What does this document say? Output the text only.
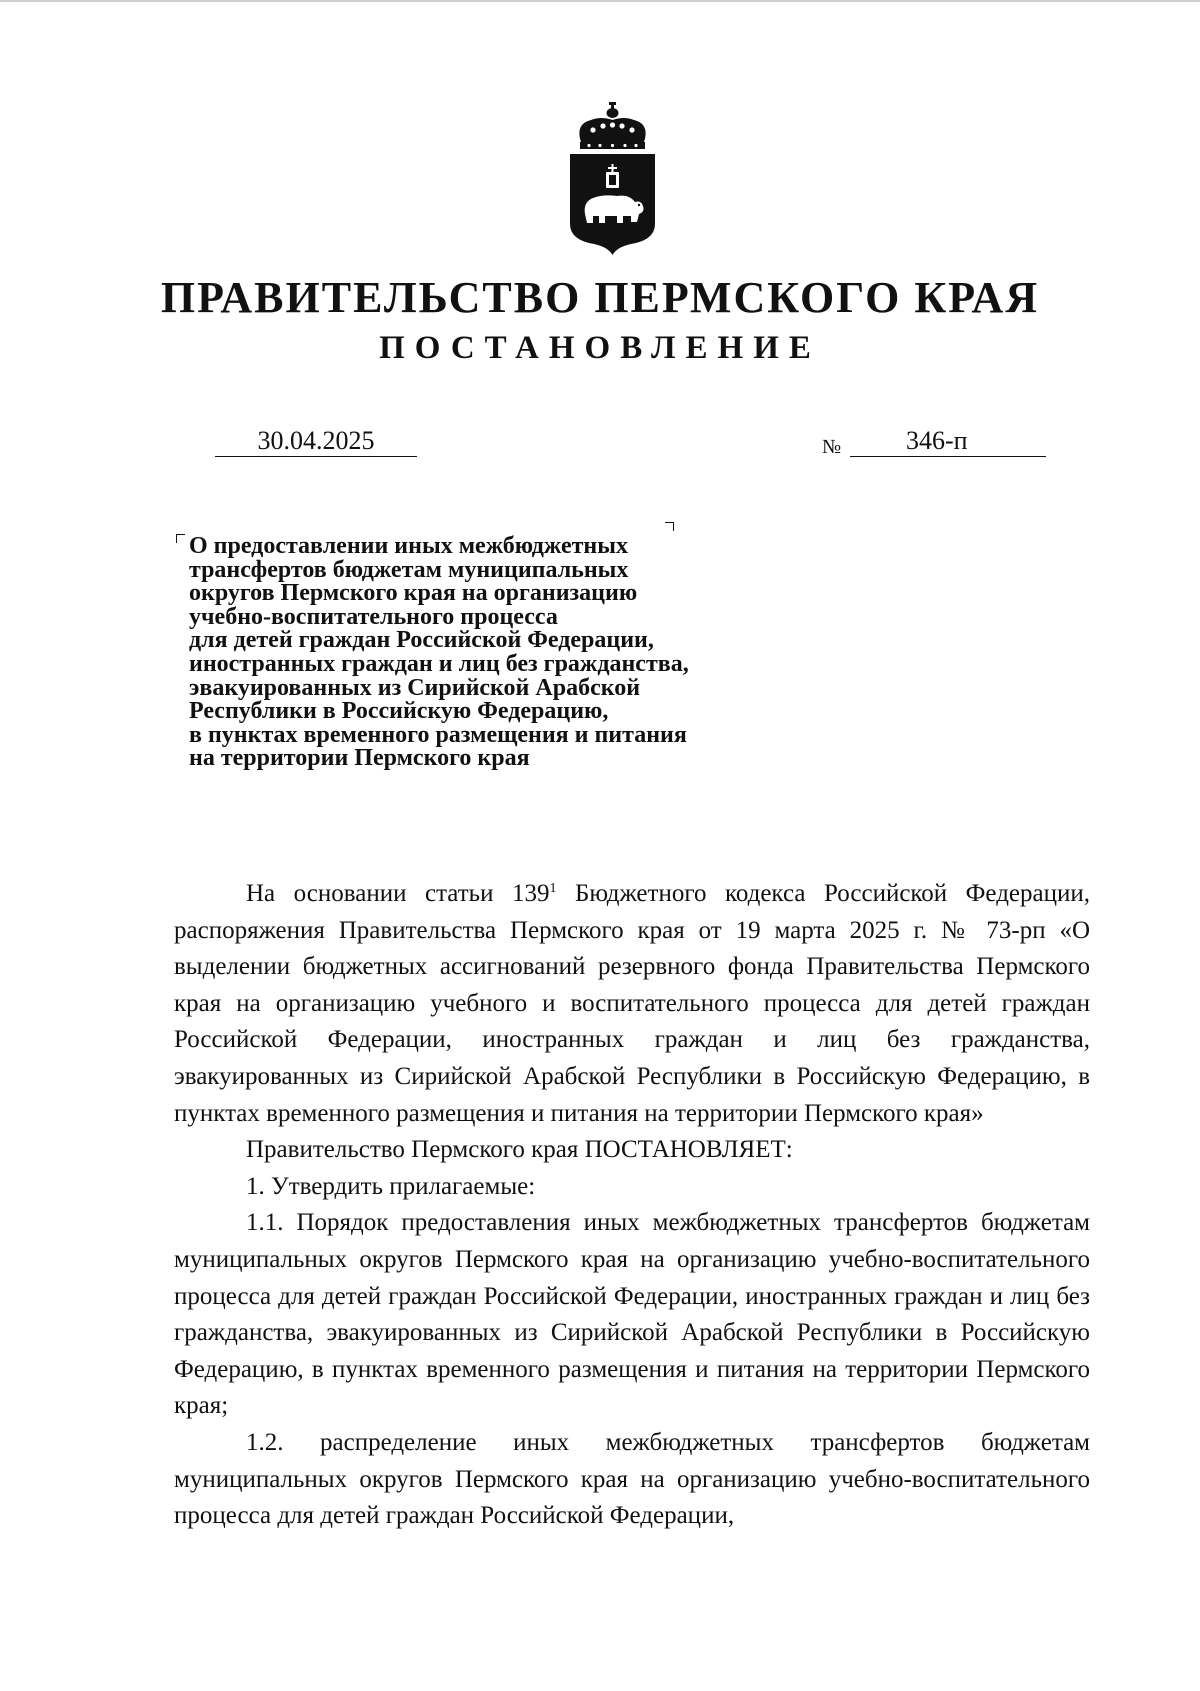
ПРАВИТЕЛЬСТВО ПЕРМСКОГО КРАЯ
ПОСТАНОВЛЕНИЕ
30.04.2025	№	346-п
О предоставлении иных межбюджетных
трансфертов бюджетам муниципальных
округов Пермского края на организацию
учебно-воспитательного процесса
для детей граждан Российской Федерации,
иностранных граждан и лиц без гражданства,
эвакуированных из Сирийской Арабской
Республики в Российскую Федерацию,
в пунктах временного размещения и питания
на территории Пермского края

На основании статьи $139^1$ Бюджетного кодекса Российской Федерации, распоряжения Правительства Пермского края от 19 марта 2025 г. № 73-рп «О выделении бюджетных ассигнований резервного фонда Правительства Пермского края на организацию учебного и воспитательного процесса для детей граждан Российской Федерации, иностранных граждан и лиц без гражданства, эвакуированных из Сирийской Арабской Республики в Российскую Федерацию, в пунктах временного размещения и питания на территории Пермского края»

Правительство Пермского края ПОСТАНОВЛЯЕТ:

1. Утвердить прилагаемые:

1.1. Порядок предоставления иных межбюджетных трансфертов бюджетам муниципальных округов Пермского края на организацию учебно-воспитательного процесса для детей граждан Российской Федерации, иностранных граждан и лиц без гражданства, эвакуированных из Сирийской Арабской Республики в Российскую Федерацию, в пунктах временного размещения и питания на территории Пермского края;

1.2. распределение иных межбюджетных трансфертов бюджетам муниципальных округов Пермского края на организацию учебно-воспитательного процесса для детей граждан Российской Федерации,
